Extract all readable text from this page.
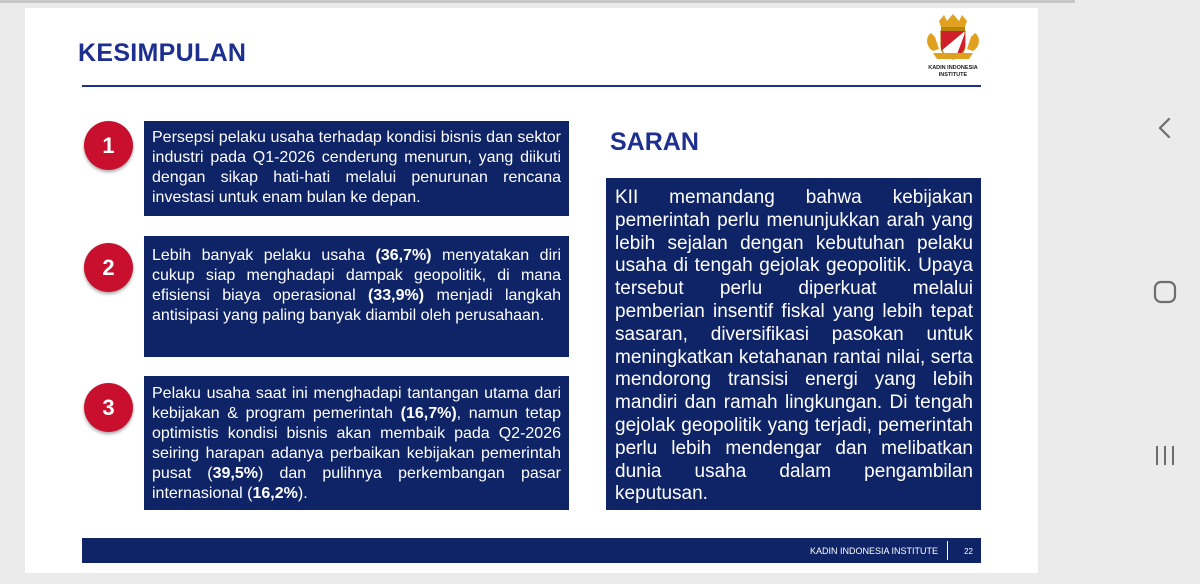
KESIMPULAN
KADIN INDONESIA
INSTITUTE
1	Persepsi pelaku usaha terhadap kondisi bisnis dan sektor industri pada Q1-2026 cenderung menurun, yang diikuti dengan sikap hati-hati melalui penurunan rencana investasi untuk enam bulan ke depan.

2	Lebih banyak pelaku usaha (36,7%) menyatakan diri cukup siap menghadapi dampak geopolitik, di mana efisiensi biaya operasional (33,9%) menjadi langkah antisipasi yang paling banyak diambil oleh perusahaan.

3

Pelaku usaha saat ini menghadapi tantangan utama dari kebijakan & program pemerintah (16,7%), namun tetap optimistis kondisi bisnis akan membaik pada Q2-2026 seiring harapan adanya perbaikan kebijakan pemerintah pusat (39,5%) dan pulihnya perkembangan pasar internasional (16,2%).

SARAN

KII memandang bahwa kebijakan pemerintah perlu menunjukkan arah yang lebih sejalan dengan kebutuhan pelaku usaha di tengah gejolak geopolitik. Upaya tersebut perlu diperkuat melalui pemberian insentif fiskal yang lebih tepat sasaran, diversifikasi pasokan untuk meningkatkan ketahanan rantai nilai, serta mendorong transisi energi yang lebih mandiri dan ramah lingkungan. Di tengah gejolak geopolitik yang terjadi, pemerintah perlu lebih mendengar dan melibatkan dunia usaha dalam pengambilan keputusan.

KADIN INDONESIA INSTITUTE	22
